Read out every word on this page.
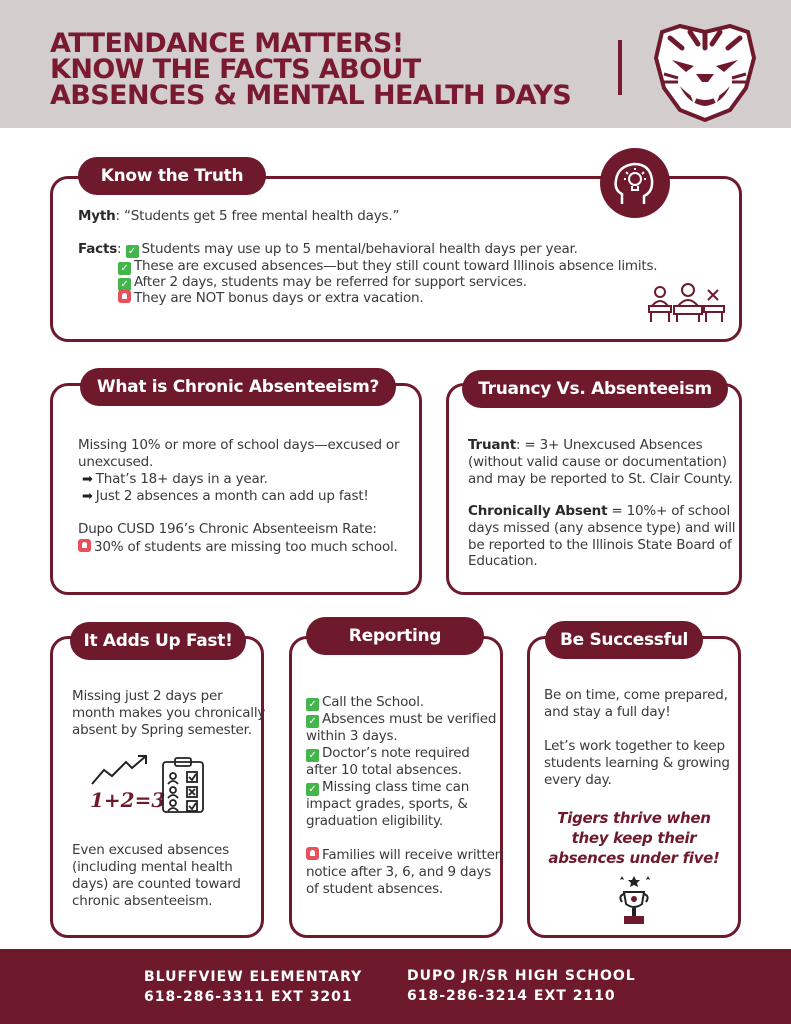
ATTENDANCE MATTERS!
KNOW THE FACTS ABOUT
ABSENCES & MENTAL HEALTH DAYS
Know the Truth
Myth: “Students get 5 free mental health days.”
Facts: ✓ Students may use up to 5 mental/behavioral health days per year.
✓ These are excused absences—but they still count toward Illinois absence limits.
✓ After 2 days, students may be referred for support services.
They are NOT bonus days or extra vacation.
What is Chronic Absenteeism?
Missing 10% or more of school days—excused or
unexcused.
➡ That’s 18+ days in a year.
➡ Just 2 absences a month can add up fast!
Dupo CUSD 196’s Chronic Absenteeism Rate:
30% of students are missing too much school.
Truancy Vs. Absenteeism
Truant: = 3+ Unexcused Absences
(without valid cause or documentation)
and may be reported to St. Clair County.
Chronically Absent = 10%+ of school
days missed (any absence type) and will
be reported to the Illinois State Board of
Education.
It Adds Up Fast!
Missing just 2 days per
month makes you chronically
absent by Spring semester.
1+2=3
Even excused absences
(including mental health
days) are counted toward
chronic absenteeism.
Reporting
✓ Call the School.
✓ Absences must be verified
within 3 days.
✓ Doctor’s note required
after 10 total absences.
✓ Missing class time can
impact grades, sports, &
graduation eligibility.
Families will receive written
notice after 3, 6, and 9 days
of student absences.
Be Successful
Be on time, come prepared,
and stay a full day!
Let’s work together to keep
students learning & growing
every day.
Tigers thrive when
they keep their
absences under five!
BLUFFVIEW ELEMENTARY
618-286-3311 EXT 3201
DUPO JR/SR HIGH SCHOOL
618-286-3214 EXT 2110
